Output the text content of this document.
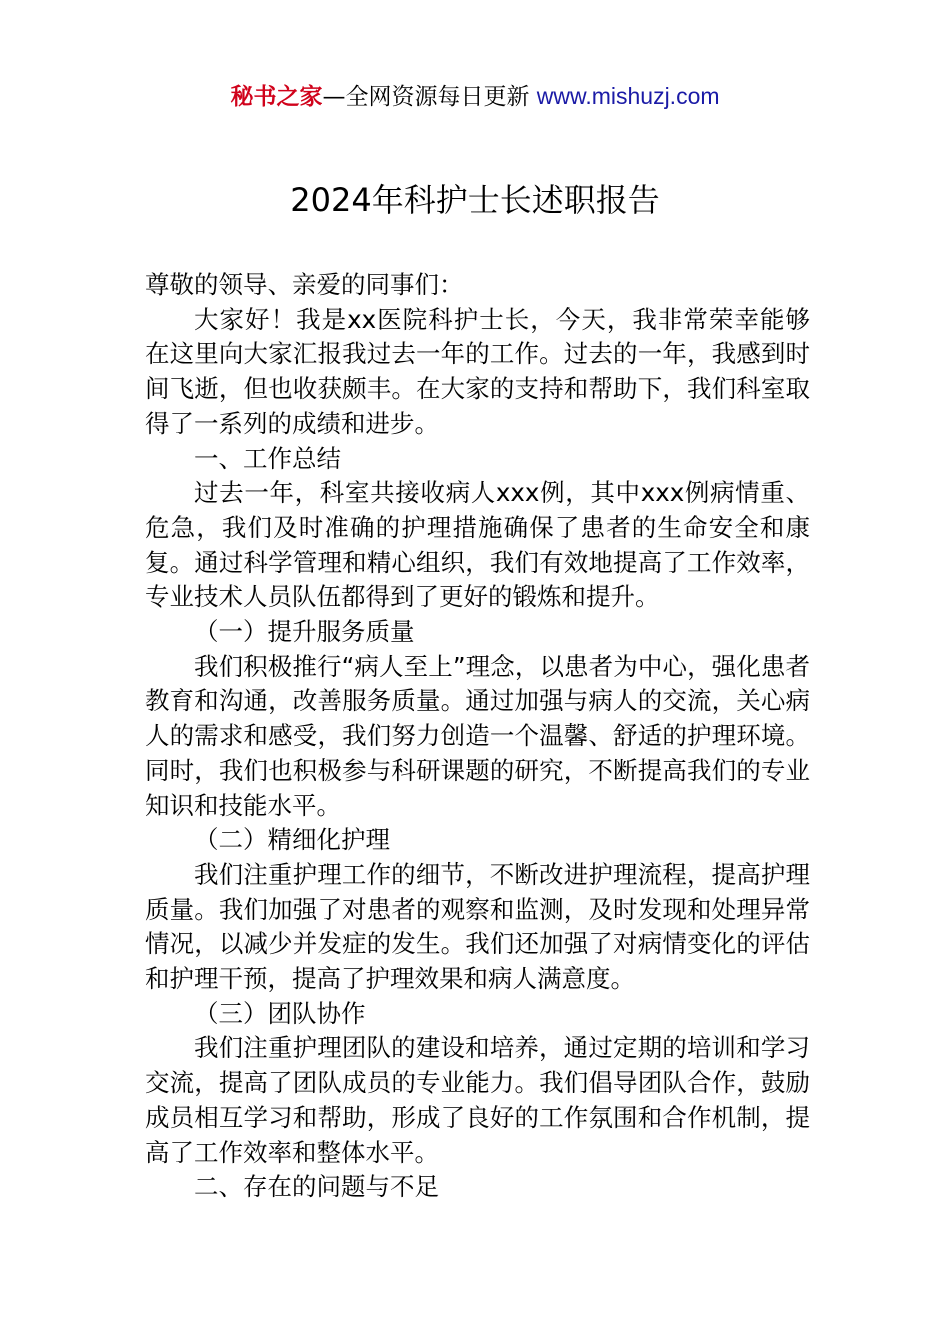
秘书之家—全网资源每日更新 www.mishuzj.com
2024年科护士长述职报告

尊敬的领导、亲爱的同事们：

大家好！我是xx医院科护士长，今天，我非常荣幸能够在这里向大家汇报我过去一年的工作。过去的一年，我感到时间飞逝，但也收获颇丰。在大家的支持和帮助下，我们科室取得了一系列的成绩和进步。

一、工作总结

过去一年，科室共接收病人xxx例，其中xxx例病情重、危急，我们及时准确的护理措施确保了患者的生命安全和康复。通过科学管理和精心组织，我们有效地提高了工作效率，专业技术人员队伍都得到了更好的锻炼和提升。

（一）提升服务质量

我们积极推行“病人至上”理念，以患者为中心，强化患者教育和沟通，改善服务质量。通过加强与病人的交流，关心病人的需求和感受，我们努力创造一个温馨、舒适的护理环境。同时，我们也积极参与科研课题的研究，不断提高我们的专业知识和技能水平。

（二）精细化护理

我们注重护理工作的细节，不断改进护理流程，提高护理质量。我们加强了对患者的观察和监测，及时发现和处理异常情况，以减少并发症的发生。我们还加强了对病情变化的评估和护理干预，提高了护理效果和病人满意度。

（三）团队协作

我们注重护理团队的建设和培养，通过定期的培训和学习交流，提高了团队成员的专业能力。我们倡导团队合作，鼓励成员相互学习和帮助，形成了良好的工作氛围和合作机制，提高了工作效率和整体水平。

二、存在的问题与不足
